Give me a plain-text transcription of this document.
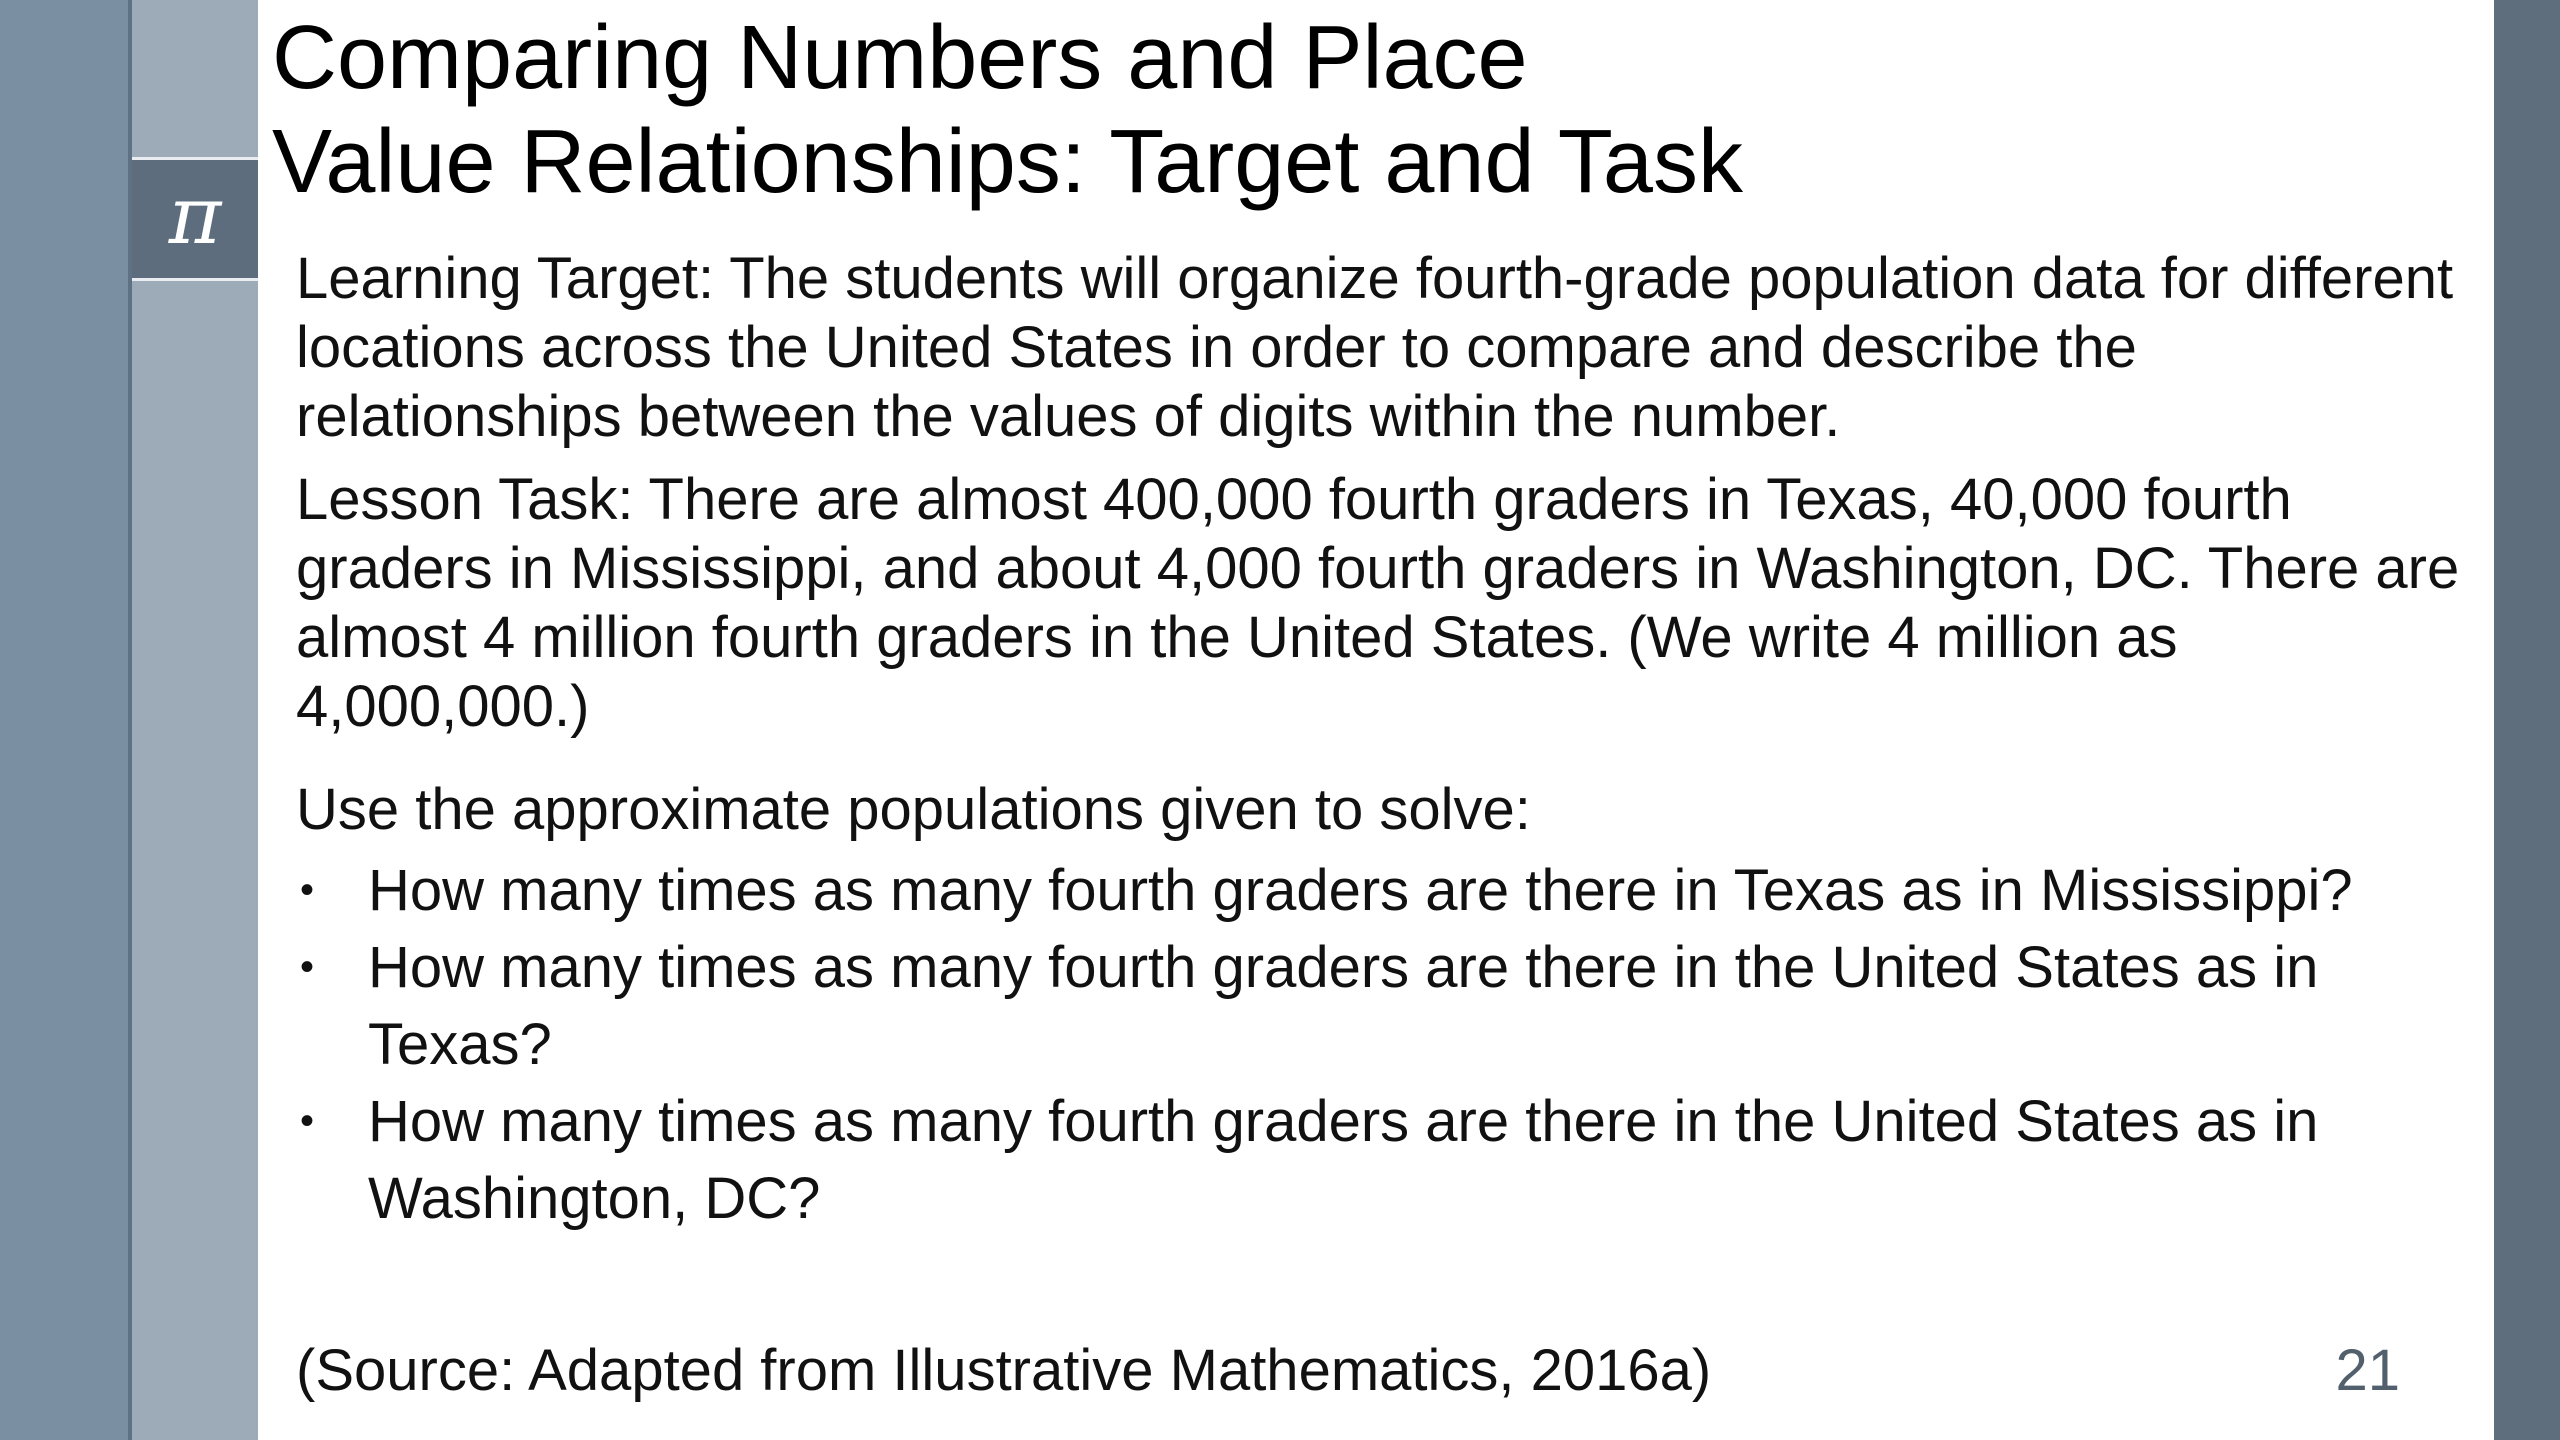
π
Comparing Numbers and Place
Value Relationships: Target and Task

Learning Target: The students will organize fourth-grade population data for different locations across the United States in order to compare and describe the relationships between the values of digits within the number.

Lesson Task: There are almost 400,000 fourth graders in Texas, 40,000 fourth graders in Mississippi, and about 4,000 fourth graders in Washington, DC. There are almost 4 million fourth graders in the United States. (We write 4 million as 4,000,000.)

Use the approximate populations given to solve:

• How many times as many fourth graders are there in Texas as in Mississippi?
• How many times as many fourth graders are there in the United States as in Texas?
• How many times as many fourth graders are there in the United States as in Washington, DC?

(Source: Adapted from Illustrative Mathematics, 2016a)	21
